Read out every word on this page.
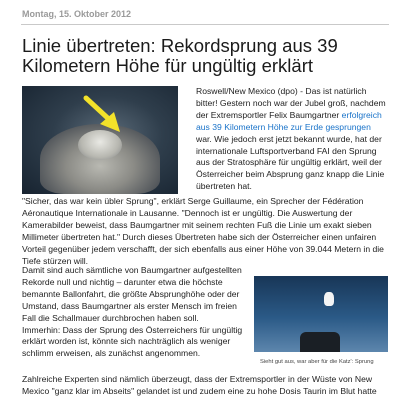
Montag, 15. Oktober 2012
Linie übertreten: Rekordsprung aus 39 Kilometern Höhe für ungültig erklärt
Roswell/New Mexico (dpo) - Das ist natürlich bitter! Gestern noch war der Jubel groß, nachdem der Extremsportler Felix Baumgartner erfolgreich aus 39 Kilometern Höhe zur Erde gesprungen war. Wie jedoch erst jetzt bekannt wurde, hat der internationale Luftsportverband FAI den Sprung aus der Stratosphäre für ungültig erklärt, weil der Österreicher beim Absprung ganz knapp die Linie übertreten hat.
"Sicher, das war kein übler Sprung", erklärt Serge Guillaume, ein Sprecher der Fédération Aéronautique Internationale in Lausanne. "Dennoch ist er ungültig. Die Auswertung der Kamerabilder beweist, dass Baumgartner mit seinem rechten Fuß die Linie um exakt sieben Millimeter übertreten hat." Durch dieses Übertreten habe sich der Österreicher einen unfairen Vorteil gegenüber jedem verschafft, der sich ebenfalls aus einer Höhe von 39.044 Metern in die Tiefe stürzen will.
Damit sind auch sämtliche von Baumgartner aufgestellten Rekorde null und nichtig – darunter etwa die höchste bemannte Ballonfahrt, die größte Absprunghöhe oder der Umstand, dass Baumgartner als erster Mensch im freien Fall die Schallmauer durchbrochen haben soll.
Immerhin: Dass der Sprung des Österreichers für ungültig erklärt worden ist, könnte sich nachträglich als weniger schlimm erweisen, als zunächst angenommen.
Sieht gut aus, war aber für die Katz': Sprung
Zahlreiche Experten sind nämlich überzeugt, dass der Extremsportler in der Wüste von New Mexico "ganz klar im Abseits" gelandet ist und zudem eine zu hohe Dosis Taurin im Blut hatte
